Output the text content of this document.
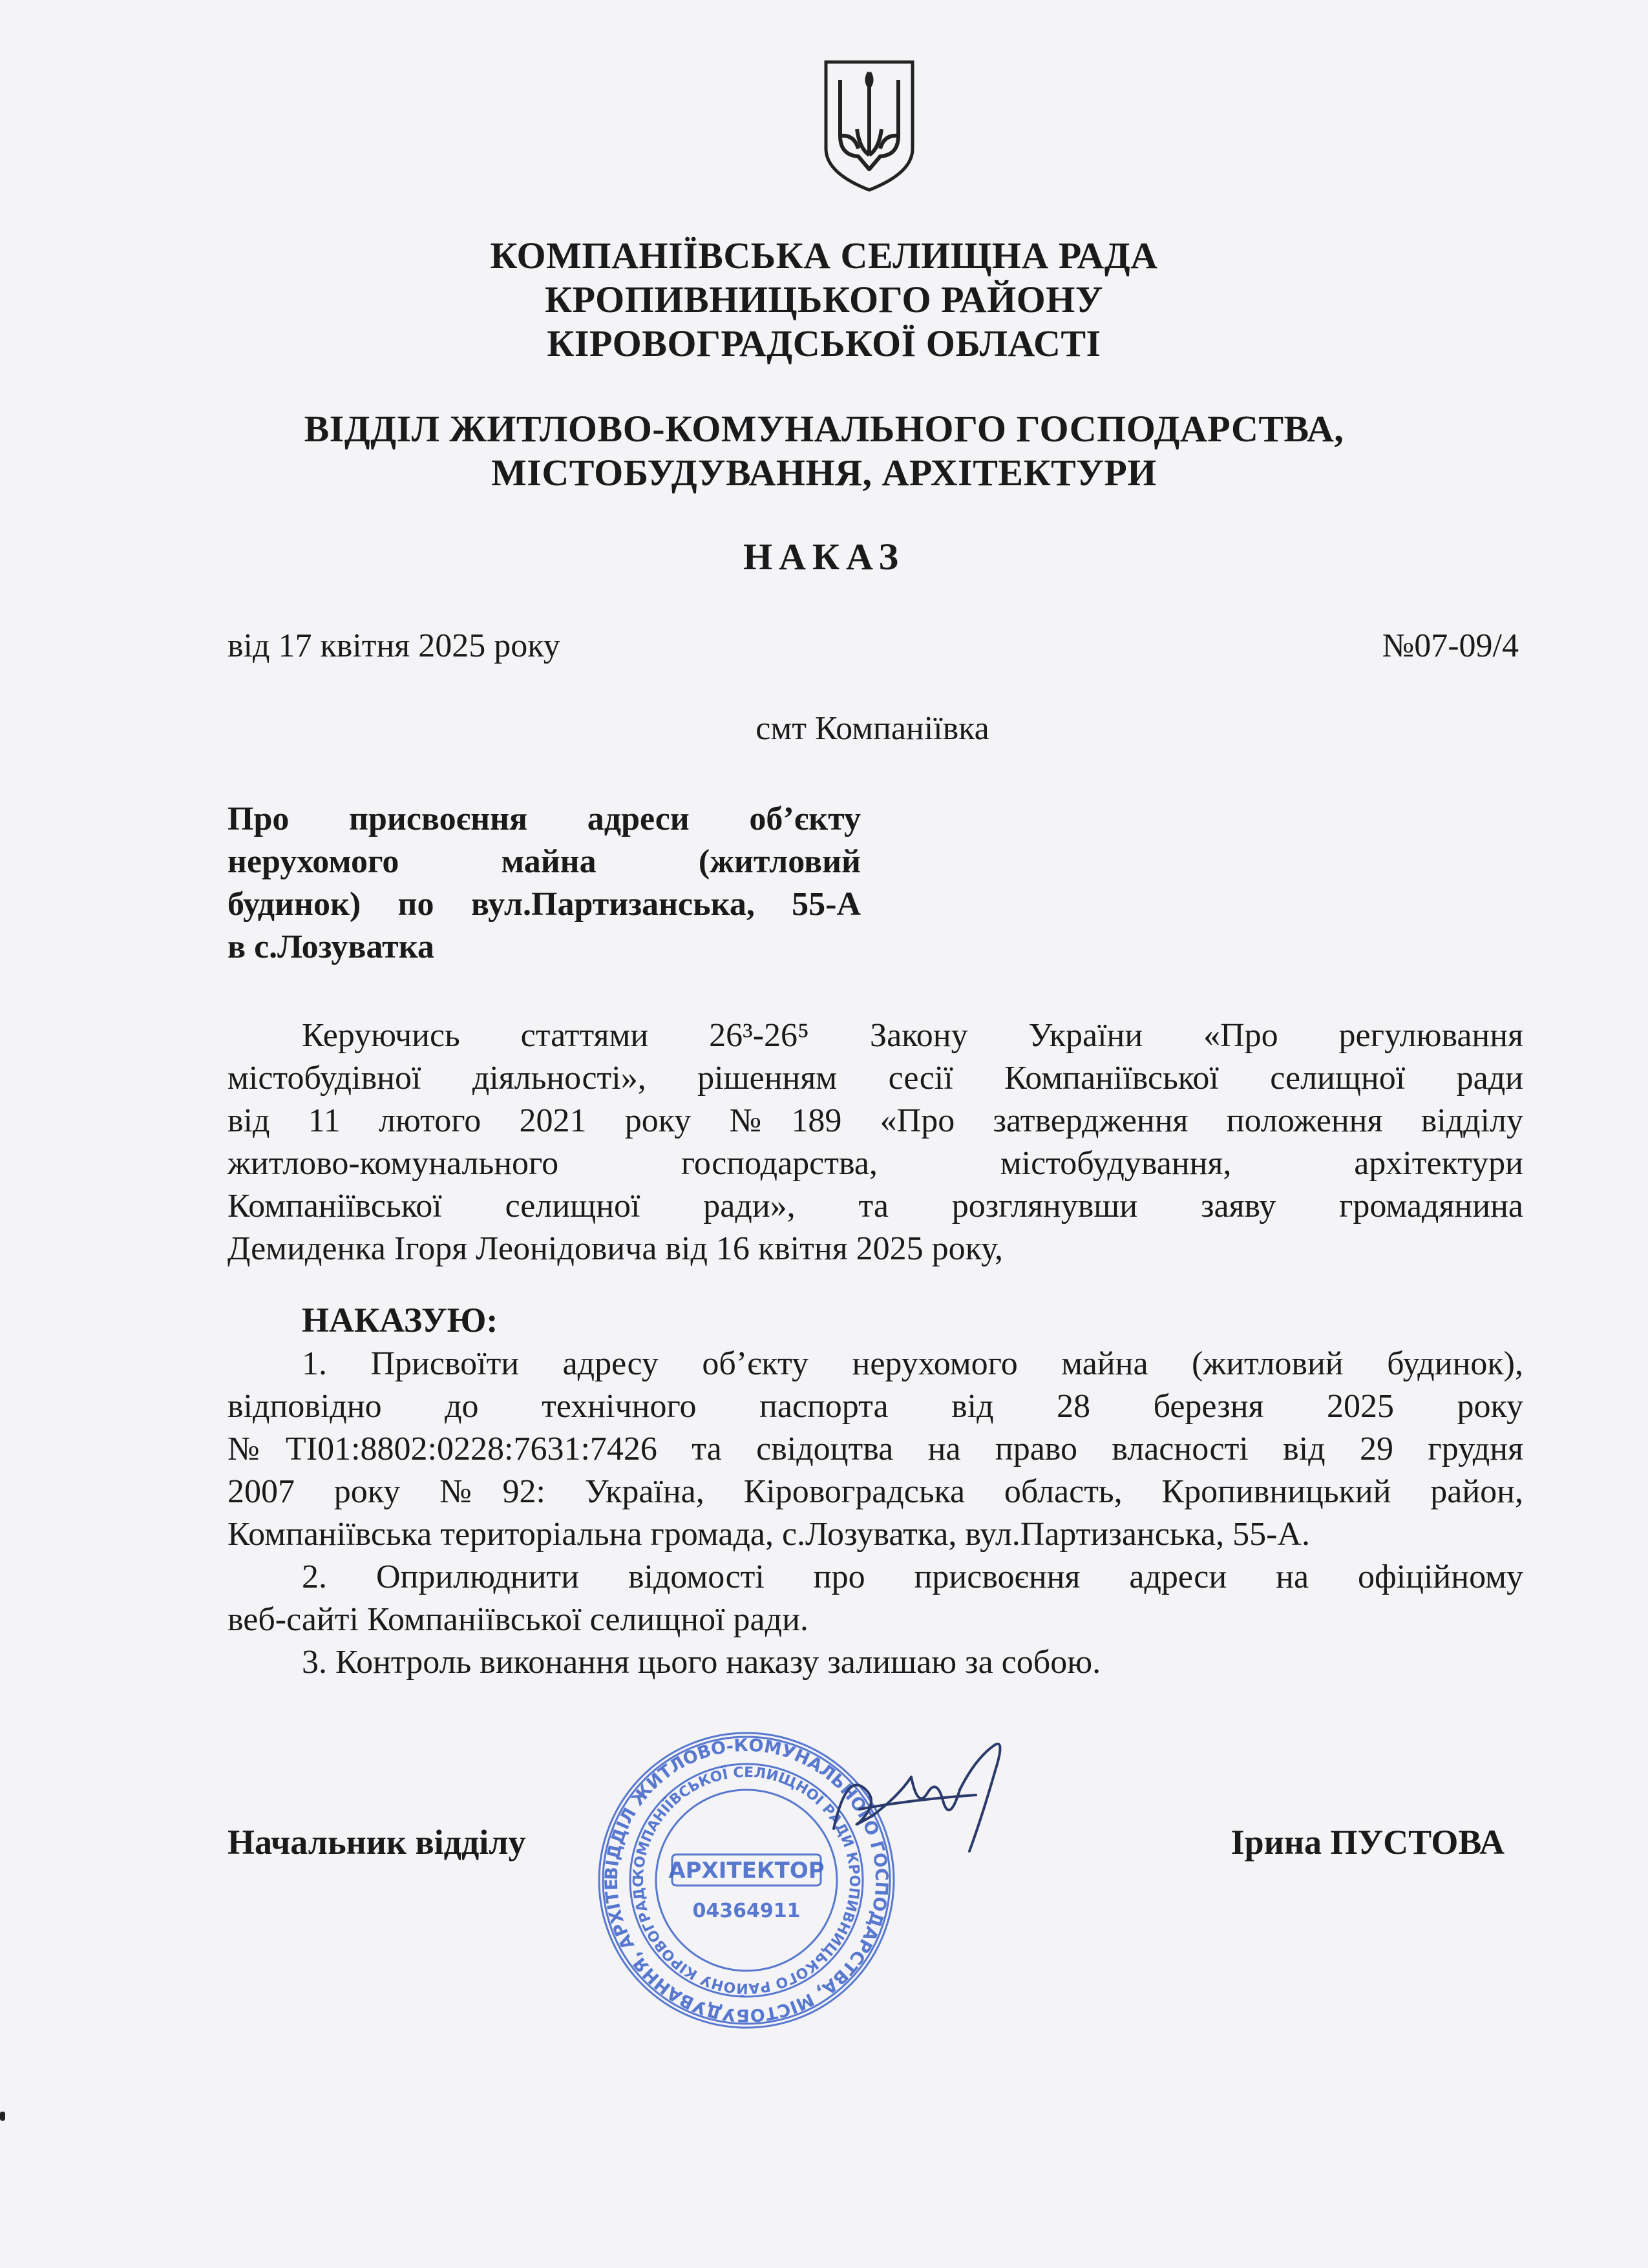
КОМПАНІЇВСЬКА СЕЛИЩНА РАДА
КРОПИВНИЦЬКОГО РАЙОНУ
КІРОВОГРАДСЬКОЇ ОБЛАСТІ
ВІДДІЛ ЖИТЛОВО-КОМУНАЛЬНОГО ГОСПОДАРСТВА,
МІСТОБУДУВАННЯ, АРХІТЕКТУРИ
НАКАЗ
від 17 квітня 2025 року	№07-09/4
смт Компаніївка
Про присвоєння адреси об’єкту
нерухомого майна (житловий
будинок) по вул.Партизанська, 55-А
в с.Лозуватка
Керуючись статтями 26³-26⁵ Закону України «Про регулювання
містобудівної діяльності», рішенням сесії Компаніївської селищної ради
від 11 лютого 2021 року №189 «Про затвердження положення відділу
житлово-комунального господарства, містобудування, архітектури
Компаніївської селищної ради», та розглянувши заяву громадянина
Демиденка Ігоря Леонідовича від 16 квітня 2025 року,
НАКАЗУЮ:
1. Присвоїти адресу об’єкту нерухомого майна (житловий будинок),
відповідно до технічного паспорта від 28 березня 2025 року
№ТІ01:8802:0228:7631:7426 та свідоцтва на право власності від 29 грудня
2007 року №92: Україна, Кіровоградська область, Кропивницький район,
Компаніївська територіальна громада, с.Лозуватка, вул.Партизанська, 55-А.
2. Оприлюднити відомості про присвоєння адреси на офіційному
веб-сайті Компаніївської селищної ради.
3. Контроль виконання цього наказу залишаю за собою.
Начальник відділу	Ірина ПУСТОВА
ВІДДІЛ ЖИТЛОВО-КОМУНАЛЬНОГО ГОСПОДАРСТВА, МІСТОБУДУВАННЯ, АРХІТЕ
КОМПАНІЇВСЬКОЇ СЕЛИЩНОЇ РАДИ КРОПИВНИЦЬКОГО РАЙОНУ КІРОВОГРАДС АРХІТЕКТОР
04364911
